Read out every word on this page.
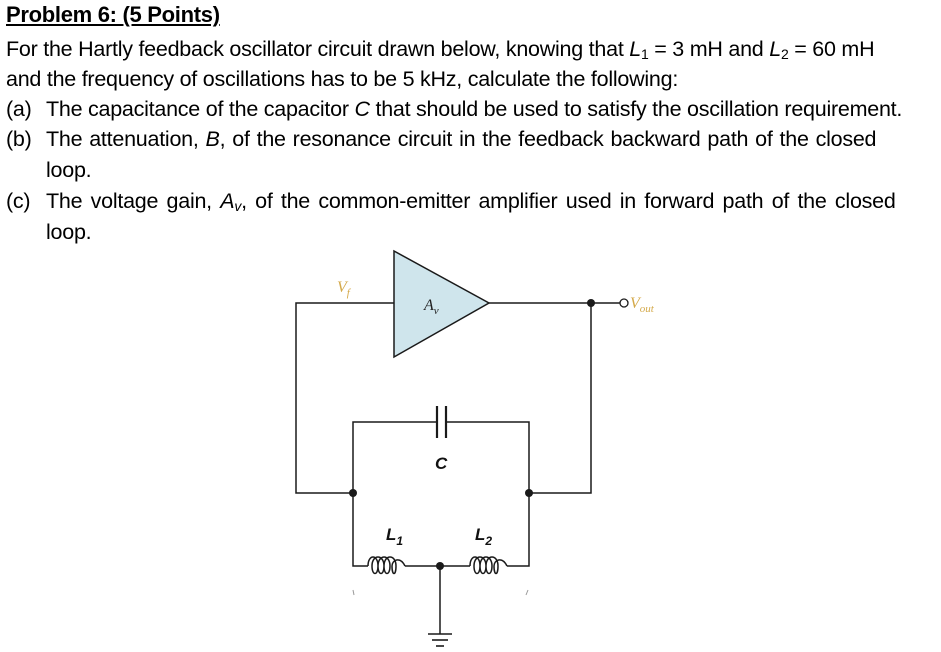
Problem 6: (5 Points)
For the Hartly feedback oscillator circuit drawn below, knowing that $L_1 = 3$ mH and $L_2 = 60$ mH
and the frequency of oscillations has to be 5 kHz, calculate the following:
(a) The capacitance of the capacitor C that should be used to satisfy the oscillation requirement.
(b) The attenuation, B, of the resonance circuit in the feedback backward path of the closed
loop.
(c) The voltage gain, $A_v$, of the common-emitter amplifier used in forward path of the closed
loop.
$A_v$
$V_f$
$V_{out}$
C
$L_1$	$L_2$
